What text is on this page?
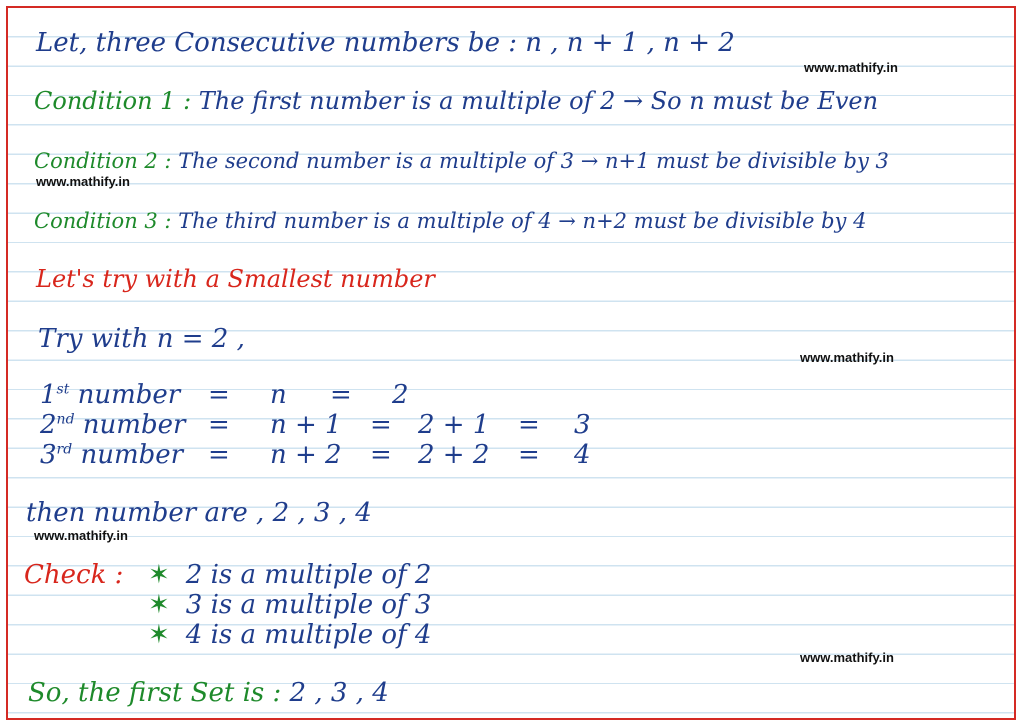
Let, three Consecutive numbers be : n , n + 1 , n + 2
www.mathify.in
Condition 1 : The first number is a multiple of 2 → So n must be Even
Condition 2 : The second number is a multiple of 3 → n+1 must be divisible by 3
www.mathify.in
Condition 3 : The third number is a multiple of 4 → n+2 must be divisible by 4
Let's try with a Smallest number
Try with n = 2 ,
www.mathify.in
1st number = n = 2
2nd number = n + 1 = 2 + 1 = 3
3rd number = n + 2 = 2 + 2 = 4
then number are , 2 , 3 , 4
www.mathify.in
Check : ✶ 2 is a multiple of 2
✶ 3 is a multiple of 3
✶ 4 is a multiple of 4
www.mathify.in
So, the first Set is : 2 , 3 , 4
